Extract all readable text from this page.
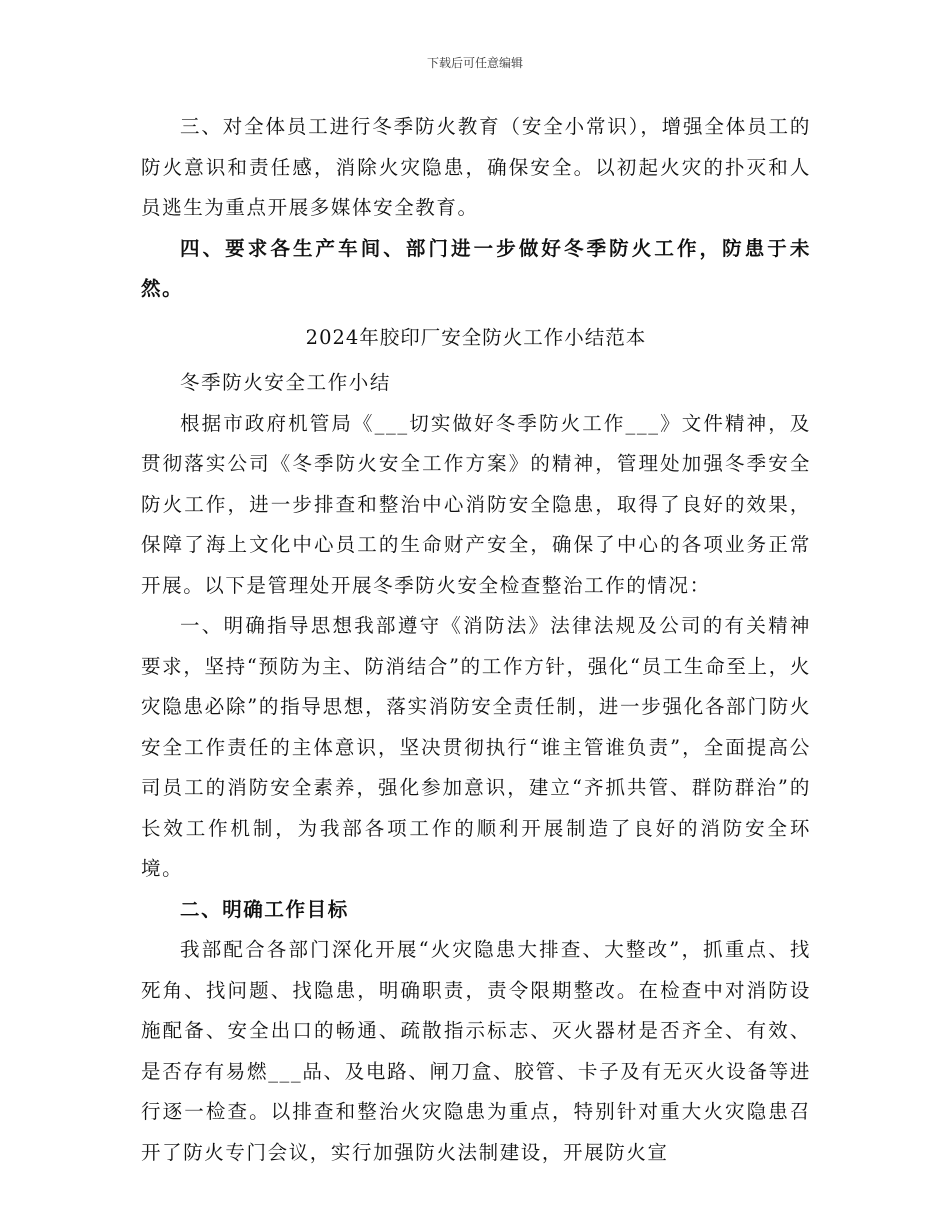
下载后可任意编辑

三、对全体员工进行冬季防火教育（安全小常识），增强全体员工的防火意识和责任感，消除火灾隐患，确保安全。以初起火灾的扑灭和人员逃生为重点开展多媒体安全教育。

四、要求各生产车间、部门进一步做好冬季防火工作，防患于未然。

2024年胶印厂安全防火工作小结范本

冬季防火安全工作小结

根据市政府机管局《___切实做好冬季防火工作___》文件精神，及贯彻落实公司《冬季防火安全工作方案》的精神，管理处加强冬季安全防火工作，进一步排查和整治中心消防安全隐患，取得了良好的效果，保障了海上文化中心员工的生命财产安全，确保了中心的各项业务正常开展。以下是管理处开展冬季防火安全检查整治工作的情况：

一、明确指导思想我部遵守《消防法》法律法规及公司的有关精神要求，坚持“预防为主、防消结合”的工作方针，强化“员工生命至上，火灾隐患必除”的指导思想，落实消防安全责任制，进一步强化各部门防火安全工作责任的主体意识，坚决贯彻执行“谁主管谁负责”，全面提高公司员工的消防安全素养，强化参加意识，建立“齐抓共管、群防群治”的长效工作机制，为我部各项工作的顺利开展制造了良好的消防安全环境。

二、明确工作目标

我部配合各部门深化开展“火灾隐患大排查、大整改”，抓重点、找死角、找问题、找隐患，明确职责，责令限期整改。在检查中对消防设施配备、安全出口的畅通、疏散指示标志、灭火器材是否齐全、有效、是否存有易燃___品、及电路、闸刀盒、胶管、卡子及有无灭火设备等进行逐一检查。以排查和整治火灾隐患为重点，特别针对重大火灾隐患召开了防火专门会议，实行加强防火法制建设，开展防火宣
